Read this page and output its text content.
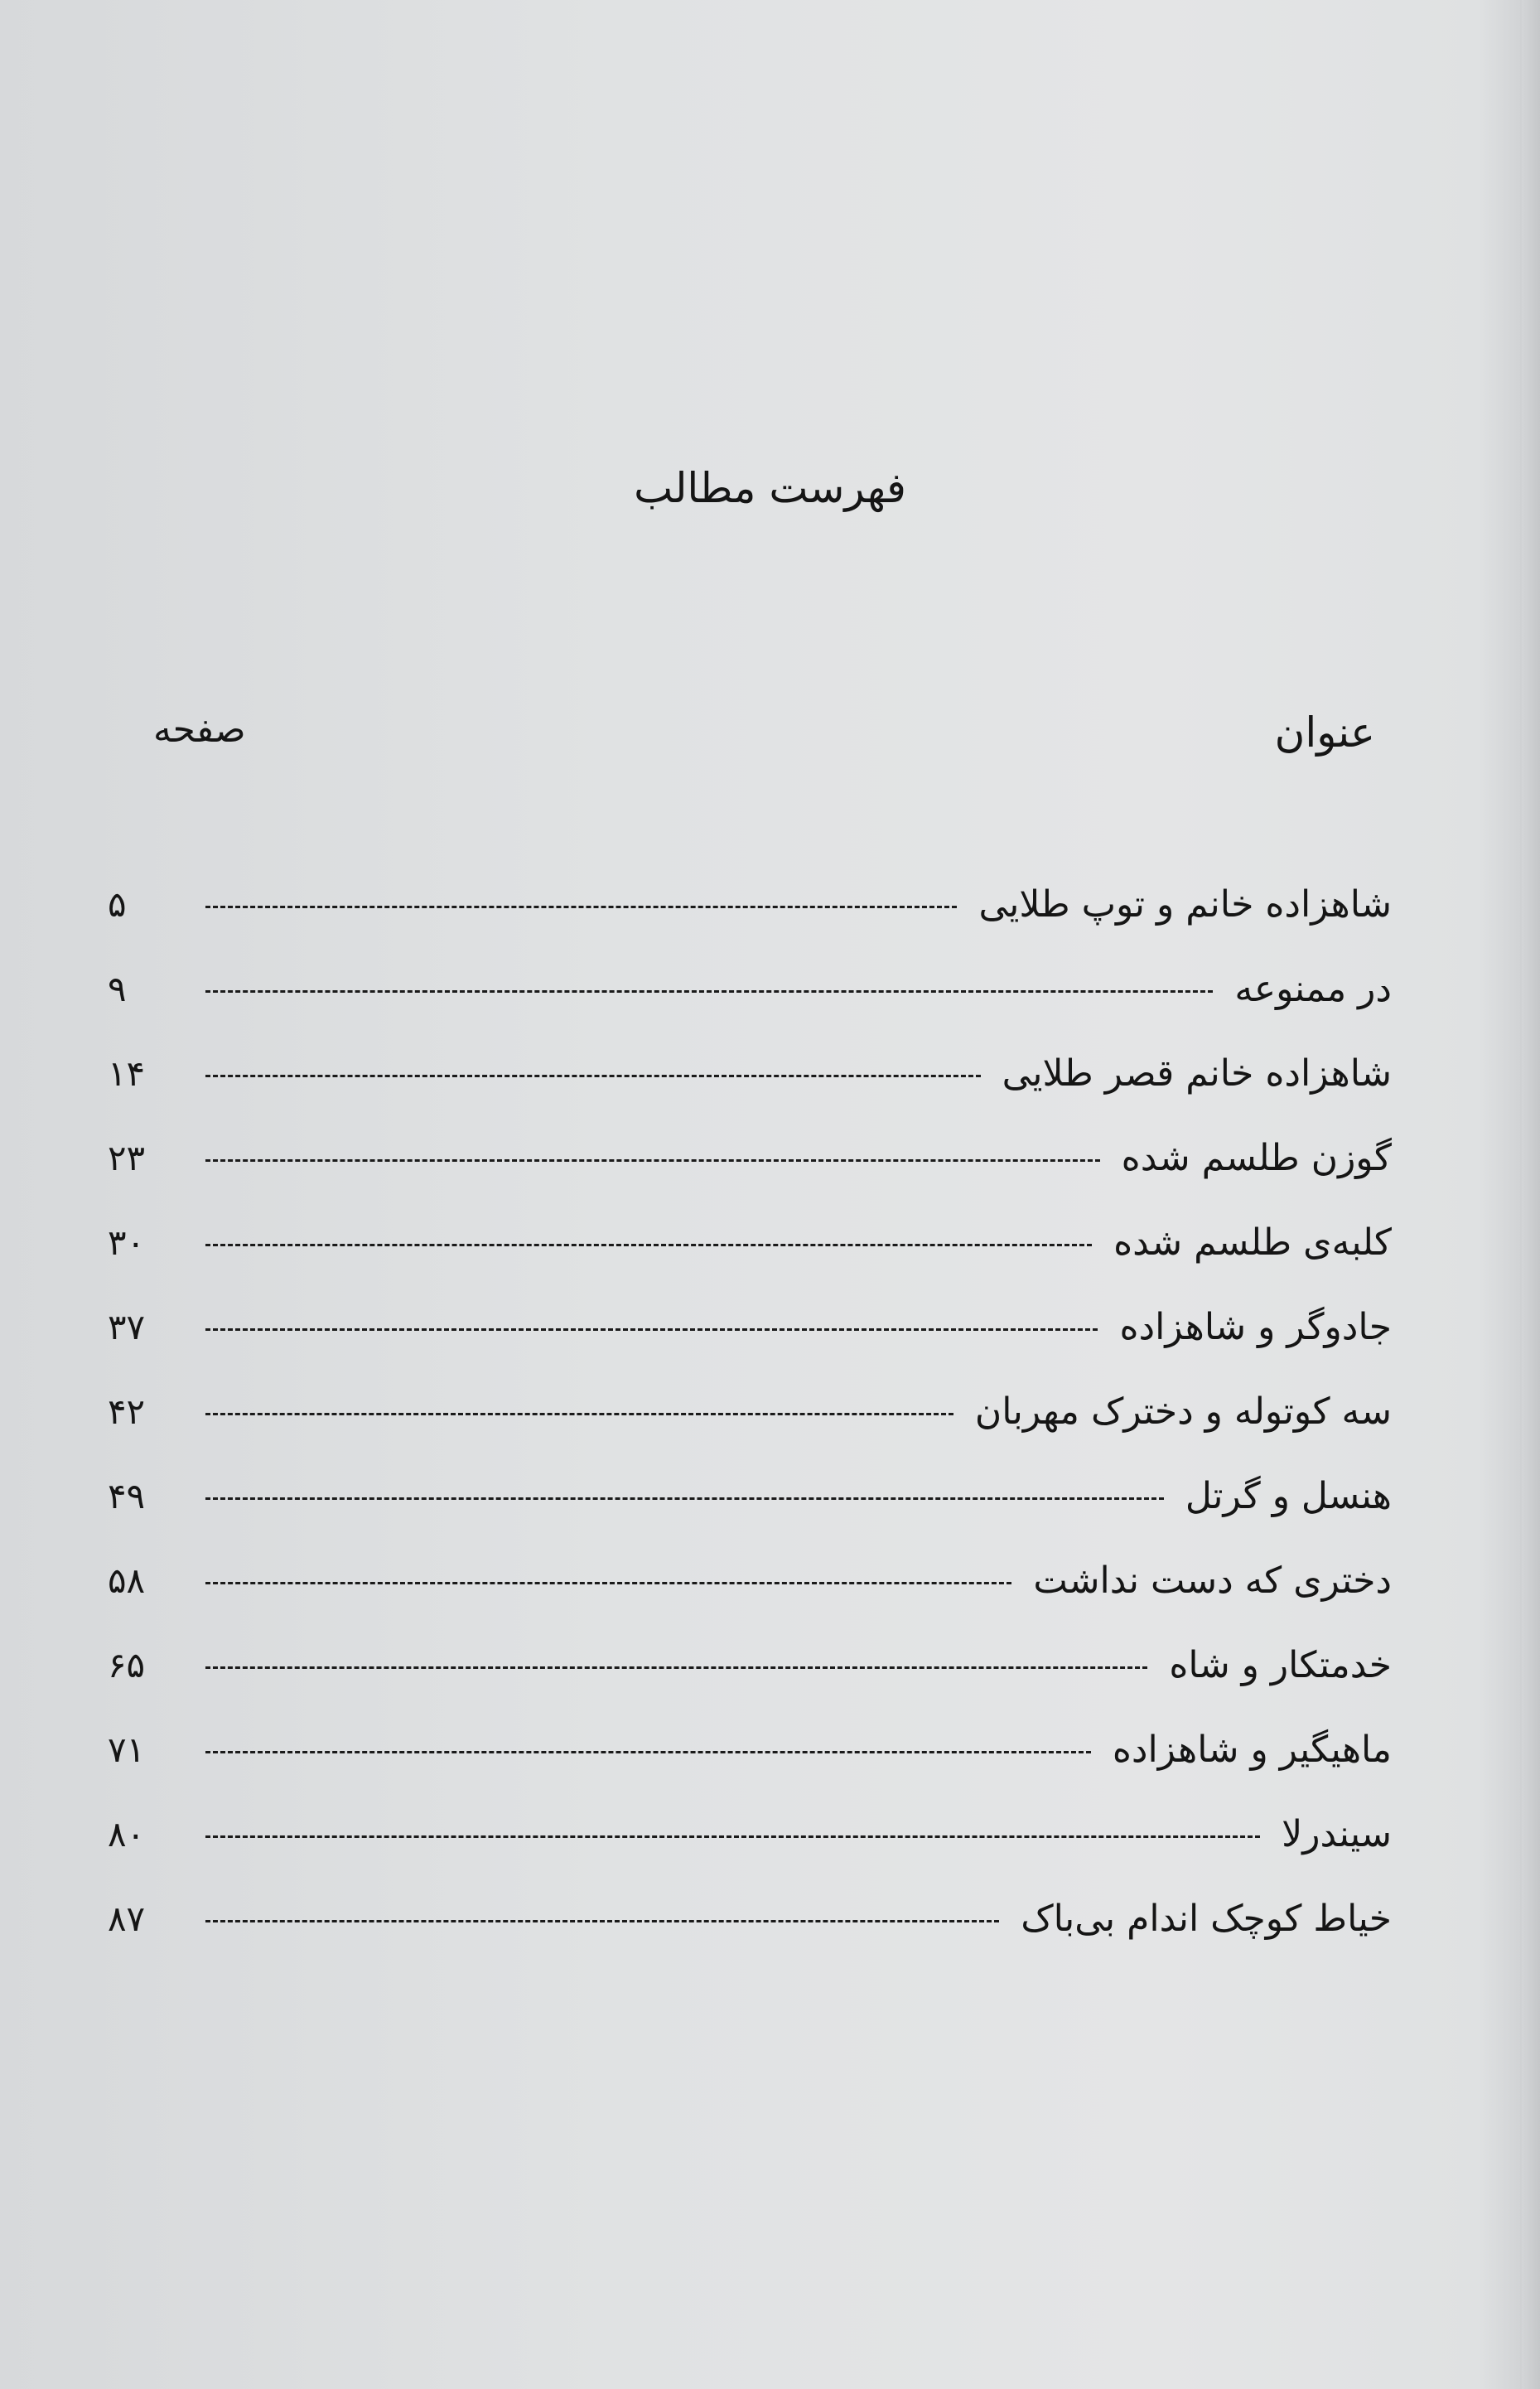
فهرست مطالب
عنوان
صفحه
شاهزاده خانم و توپ طلایی
۵
در ممنوعه
۹
شاهزاده خانم قصر طلایی
۱۴
گوزن طلسم شده
۲۳
کلبه‌ی طلسم شده
۳۰
جادوگر و شاهزاده
۳۷
سه کوتوله و دخترک مهربان
۴۲
هنسل و گرتل
۴۹
دختری که دست نداشت
۵۸
خدمتکار و شاه
۶۵
ماهیگیر و شاهزاده
۷۱
سیندرلا
۸۰
خیاط کوچک اندام بی‌باک
۸۷
